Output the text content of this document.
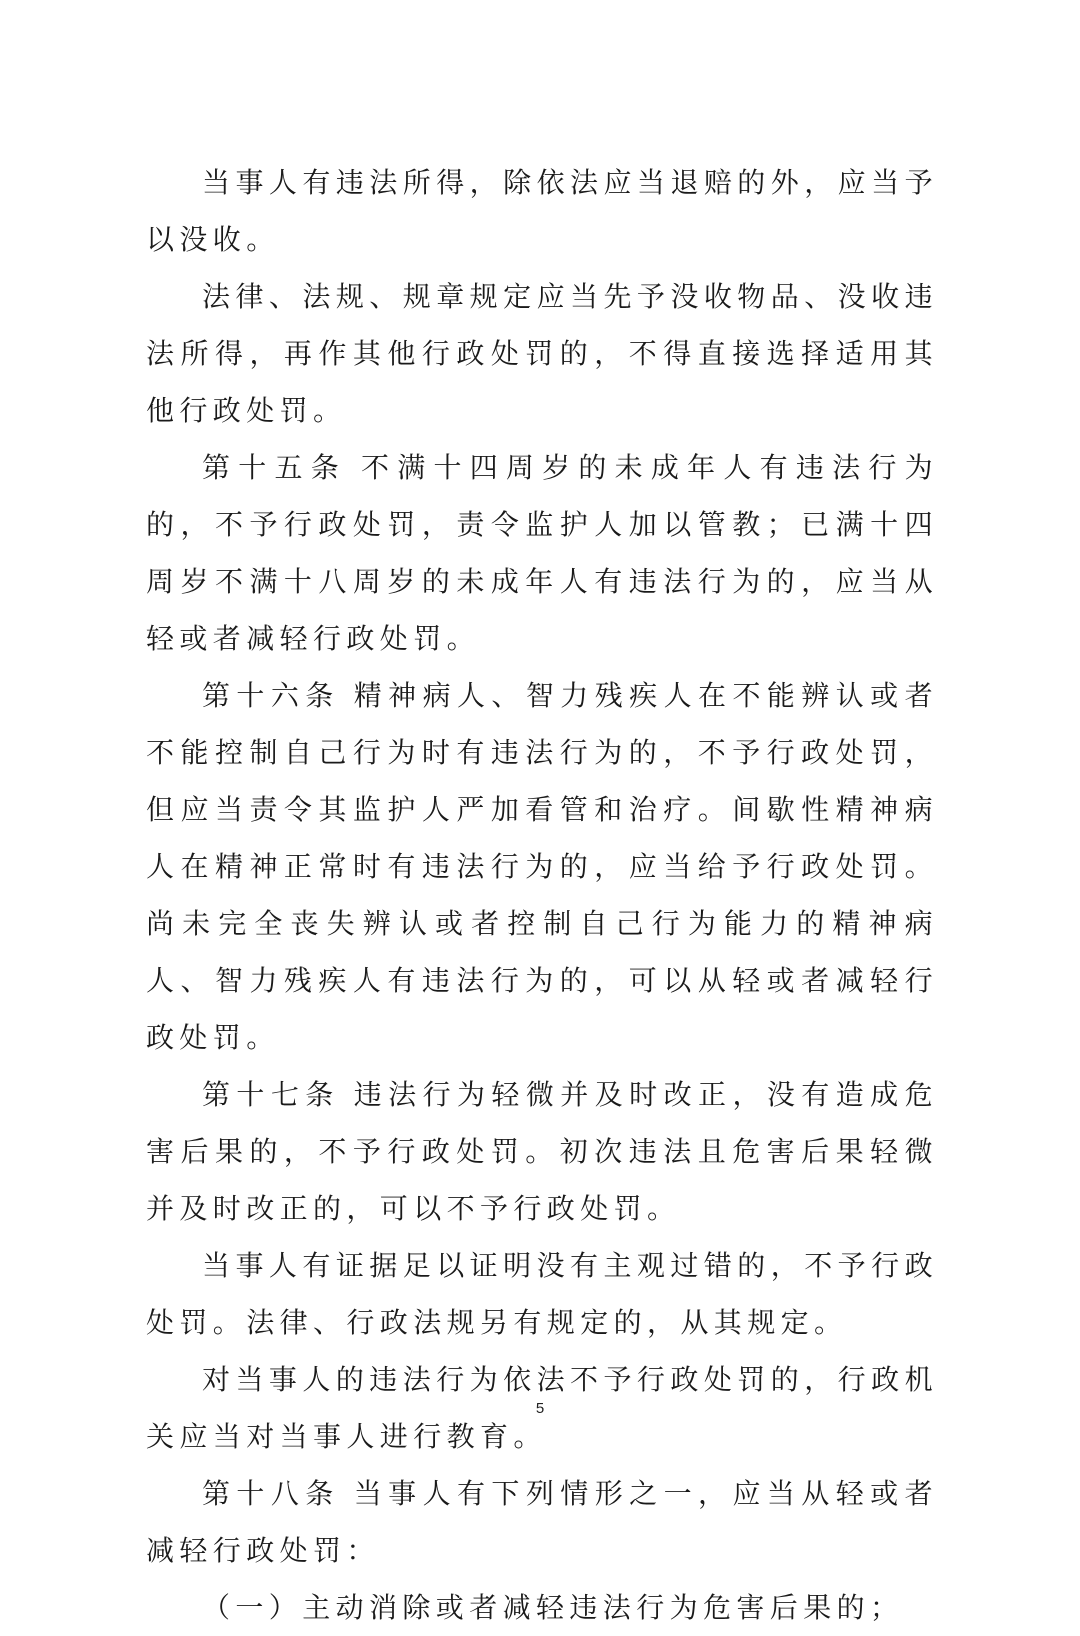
当事人有违法所得，除依法应当退赔的外，应当予以没收。

法律、法规、规章规定应当先予没收物品、没收违法所得，再作其他行政处罚的，不得直接选择适用其他行政处罚。

第十五条 不满十四周岁的未成年人有违法行为的，不予行政处罚，责令监护人加以管教；已满十四周岁不满十八周岁的未成年人有违法行为的，应当从轻或者减轻行政处罚。

第十六条 精神病人、智力残疾人在不能辨认或者不能控制自己行为时有违法行为的，不予行政处罚，但应当责令其监护人严加看管和治疗。间歇性精神病人在精神正常时有违法行为的，应当给予行政处罚。尚未完全丧失辨认或者控制自己行为能力的精神病人、智力残疾人有违法行为的，可以从轻或者减轻行政处罚。

第十七条 违法行为轻微并及时改正，没有造成危害后果的，不予行政处罚。初次违法且危害后果轻微并及时改正的，可以不予行政处罚。

当事人有证据足以证明没有主观过错的，不予行政处罚。法律、行政法规另有规定的，从其规定。

对当事人的违法行为依法不予行政处罚的，行政机关应当对当事人进行教育。

第十八条 当事人有下列情形之一，应当从轻或者减轻行政处罚：

（一）主动消除或者减轻违法行为危害后果的；

5
